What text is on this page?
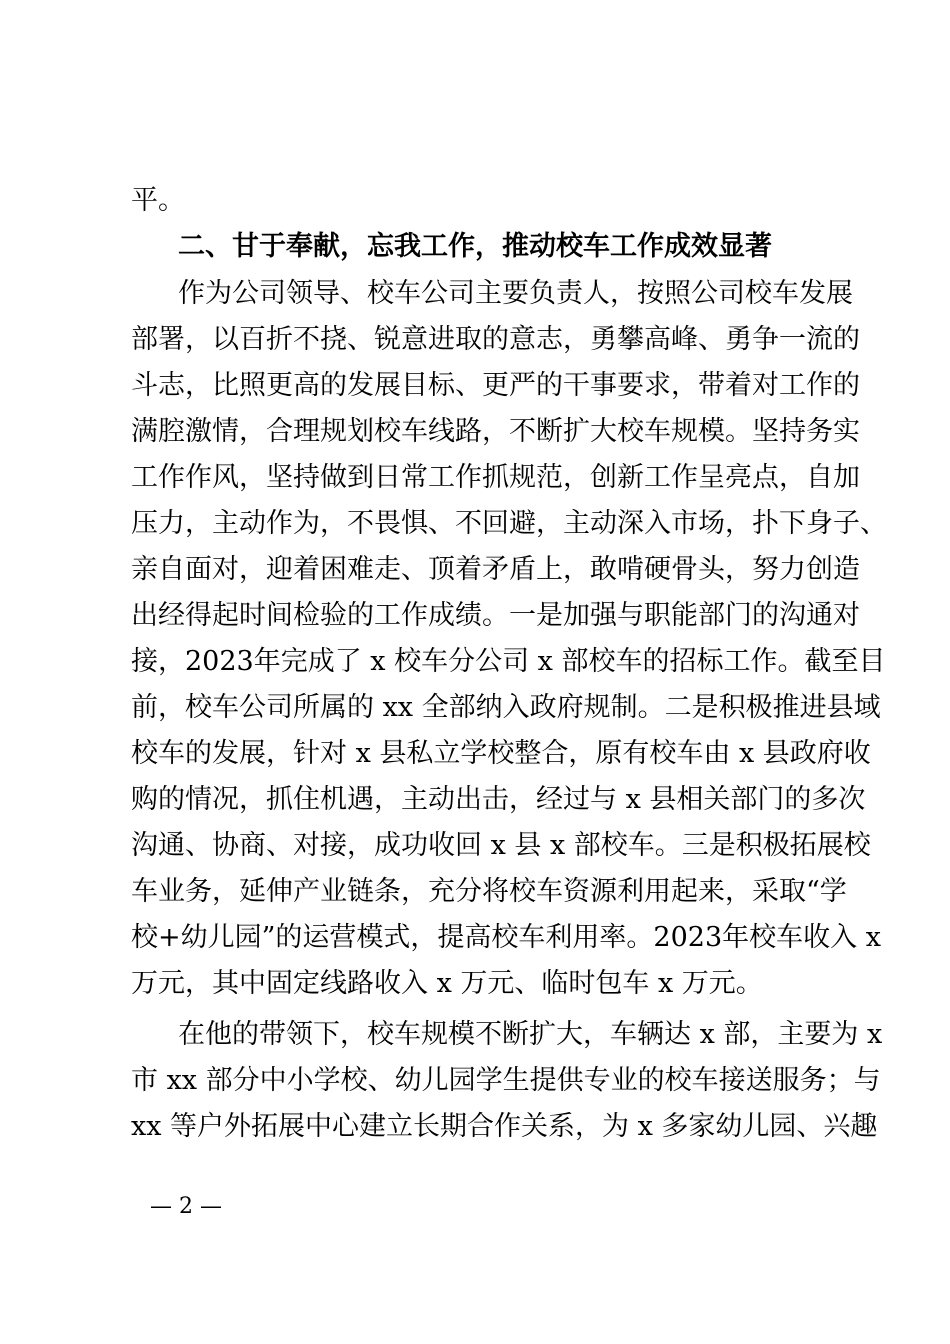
平。
二、甘于奉献，忘我工作，推动校车工作成效显著
作为公司领导、校车公司主要负责人，按照公司校车发展
部署，以百折不挠、锐意进取的意志，勇攀高峰、勇争一流的
斗志，比照更高的发展目标、更严的干事要求，带着对工作的
满腔激情，合理规划校车线路，不断扩大校车规模。坚持务实
工作作风，坚持做到日常工作抓规范，创新工作呈亮点，自加
压力，主动作为，不畏惧、不回避，主动深入市场，扑下身子、
亲自面对，迎着困难走、顶着矛盾上，敢啃硬骨头，努力创造
出经得起时间检验的工作成绩。一是加强与职能部门的沟通对
接，2023年完成了 x 校车分公司 x 部校车的招标工作。截至目
前，校车公司所属的 xx 全部纳入政府规制。二是积极推进县域
校车的发展，针对 x 县私立学校整合，原有校车由 x 县政府收
购的情况，抓住机遇，主动出击，经过与 x 县相关部门的多次
沟通、协商、对接，成功收回 x 县 x 部校车。三是积极拓展校
车业务，延伸产业链条，充分将校车资源利用起来，采取“学
校+幼儿园”的运营模式，提高校车利用率。2023年校车收入 x
万元，其中固定线路收入 x 万元、临时包车 x 万元。
在他的带领下，校车规模不断扩大，车辆达 x 部，主要为 x
市 xx 部分中小学校、幼儿园学生提供专业的校车接送服务；与
xx 等户外拓展中心建立长期合作关系，为 x 多家幼儿园、兴趣
— 2 —
